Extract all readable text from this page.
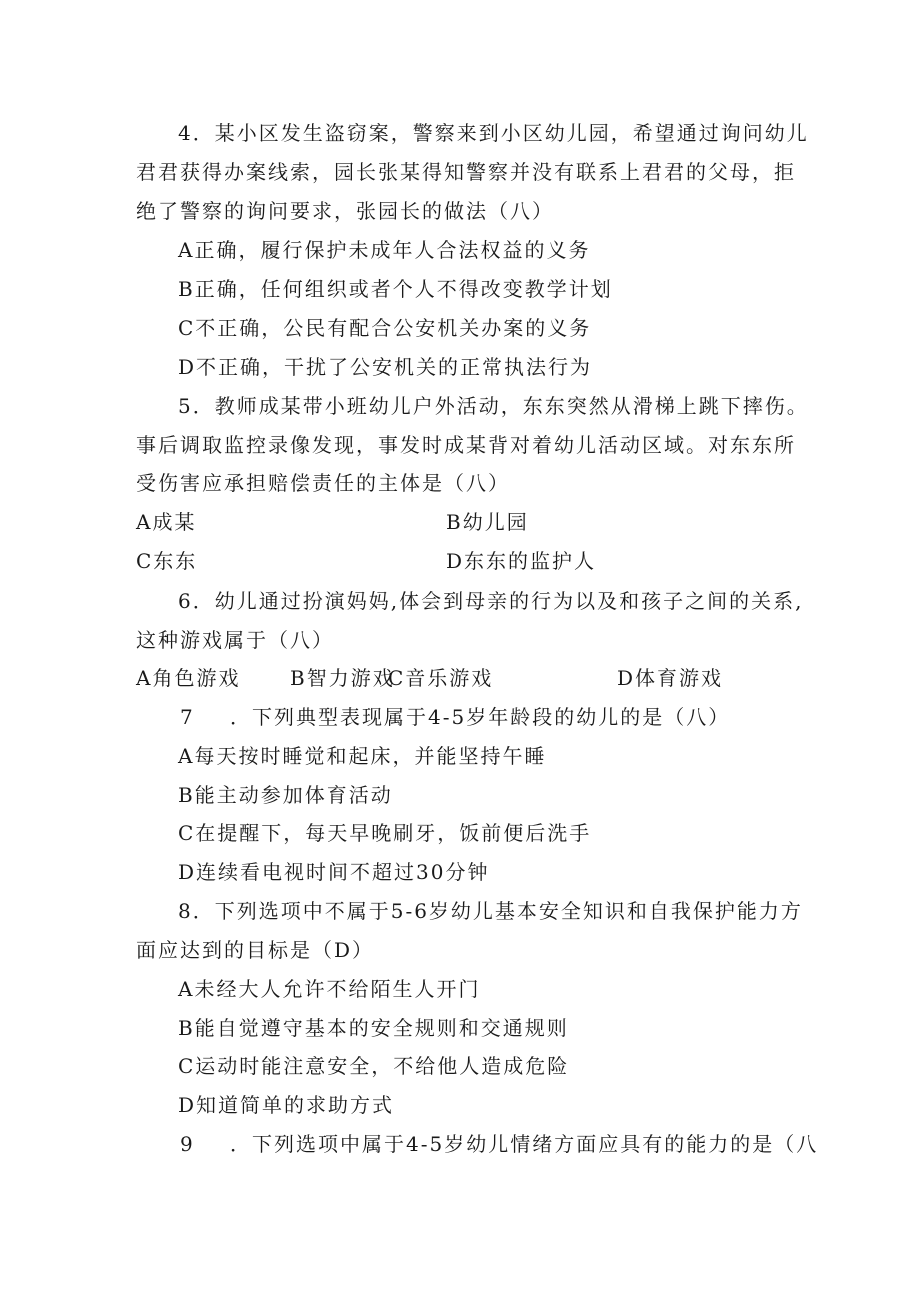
4．某小区发生盗窃案，警察来到小区幼儿园，希望通过询问幼儿
君君获得办案线索，园长张某得知警察并没有联系上君君的父母，拒
绝了警察的询问要求，张园长的做法（八）
A正确，履行保护未成年人合法权益的义务
B正确，任何组织或者个人不得改变教学计划
C不正确，公民有配合公安机关办案的义务
D不正确，干扰了公安机关的正常执法行为
5．教师成某带小班幼儿户外活动，东东突然从滑梯上跳下摔伤。
事后调取监控录像发现，事发时成某背对着幼儿活动区域。对东东所
受伤害应承担赔偿责任的主体是（八）
A成某	B幼儿园
C东东	D东东的监护人
6．幼儿通过扮演妈妈,体会到母亲的行为以及和孩子之间的关系,
这种游戏属于（八）
A角色游戏 B智力游戏
C音乐游戏	D体育游戏
7 ．下列典型表现属于4-5岁年龄段的幼儿的是（八）
A每天按时睡觉和起床，并能坚持午睡
B能主动参加体育活动
C在提醒下，每天早晚刷牙，饭前便后洗手
D连续看电视时间不超过30分钟
8．下列选项中不属于5-6岁幼儿基本安全知识和自我保护能力方
面应达到的目标是（D）
A未经大人允许不给陌生人开门
B能自觉遵守基本的安全规则和交通规则
C运动时能注意安全，不给他人造成危险
D知道简单的求助方式
9 ．下列选项中属于4-5岁幼儿情绪方面应具有的能力的是（八
